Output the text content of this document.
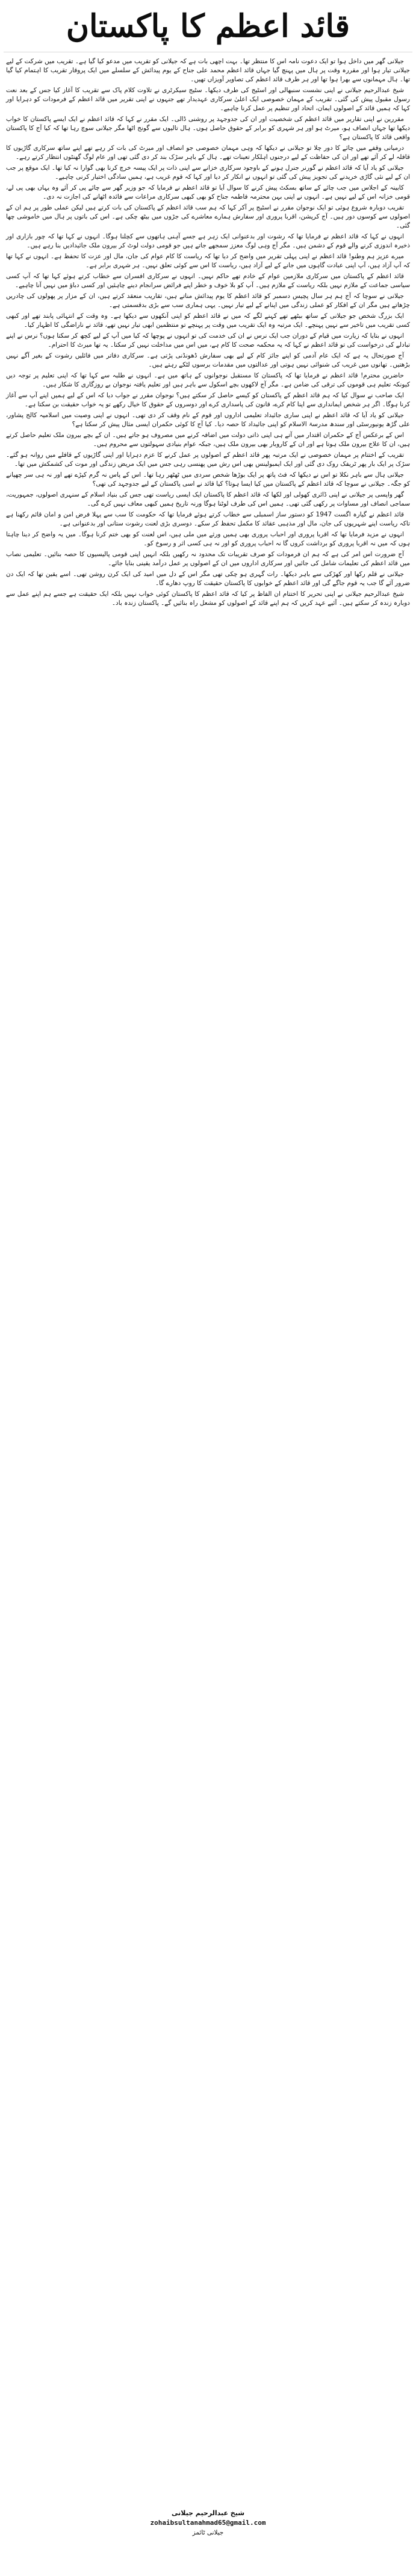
قائد اعظم کا پاکستان

جیلانی گھر میں داخل ہوا تو ایک دعوت نامہ اس کا منتظر تھا۔ بہت اچھی بات ہے کہ جیلانی کو تقریب میں مدعو کیا گیا ہے۔ تقریب میں شرکت کے لیے جیلانی تیار ہوا اور مقررہ وقت پر ہال میں پہنچ گیا جہاں قائد اعظم محمد علی جناح کے یوم پیدائش کے سلسلے میں ایک پروقار تقریب کا اہتمام کیا گیا تھا۔ ہال مہمانوں سے بھرا ہوا تھا اور ہر طرف قائد اعظم کی تصاویر آویزاں تھیں۔

شیخ عبدالرحیم جیلانی نے اپنی نشست سنبھالی اور اسٹیج کی طرف دیکھا۔ سٹیج سیکرٹری نے تلاوت کلام پاک سے تقریب کا آغاز کیا جس کے بعد نعت رسول مقبول پیش کی گئی۔ تقریب کے مہمان خصوصی ایک اعلیٰ سرکاری عہدیدار تھے جنہوں نے اپنی تقریر میں قائد اعظم کے فرمودات کو دہرایا اور کہا کہ ہمیں قائد کے اصولوں ایمان، اتحاد اور تنظیم پر عمل کرنا چاہیے۔

مقررین نے اپنی تقاریر میں قائد اعظم کی شخصیت اور ان کی جدوجہد پر روشنی ڈالی۔ ایک مقرر نے کہا کہ قائد اعظم نے ایک ایسے پاکستان کا خواب دیکھا تھا جہاں انصاف ہو، میرٹ ہو اور ہر شہری کو برابر کے حقوق حاصل ہوں۔ ہال تالیوں سے گونج اٹھا مگر جیلانی سوچ رہا تھا کہ کیا آج کا پاکستان واقعی قائد کا پاکستان ہے؟

درمیانی وقفے میں چائے کا دور چلا تو جیلانی نے دیکھا کہ وہی مہمان خصوصی جو انصاف اور میرٹ کی بات کر رہے تھے اپنے ساتھ سرکاری گاڑیوں کا قافلہ لے کر آئے تھے اور ان کی حفاظت کے لیے درجنوں اہلکار تعینات تھے۔ ہال کے باہر سڑک بند کر دی گئی تھی اور عام لوگ گھنٹوں انتظار کرتے رہے۔

جیلانی کو یاد آیا کہ قائد اعظم نے گورنر جنرل ہونے کے باوجود سرکاری خزانے سے اپنی ذات پر ایک پیسہ خرچ کرنا بھی گوارا نہ کیا تھا۔ ایک موقع پر جب ان کے لیے نئی گاڑی خریدنے کی تجویز پیش کی گئی تو انہوں نے انکار کر دیا اور کہا کہ قوم غریب ہے، ہمیں سادگی اختیار کرنی چاہیے۔

کابینہ کے اجلاس میں جب چائے کے ساتھ بسکٹ پیش کرنے کا سوال آیا تو قائد اعظم نے فرمایا کہ جو وزیر گھر سے چائے پی کر آئے وہ یہاں بھی پی لے، قومی خزانہ اس کے لیے نہیں ہے۔ انہوں نے اپنی بہن محترمہ فاطمہ جناح کو بھی کبھی سرکاری مراعات سے فائدہ اٹھانے کی اجازت نہ دی۔

تقریب دوبارہ شروع ہوئی تو ایک نوجوان مقرر نے اسٹیج پر آکر کہا کہ ہم سب قائد اعظم کے پاکستان کی بات کرتے ہیں لیکن عملی طور پر ہم ان کے اصولوں سے کوسوں دور ہیں۔ آج کرپشن، اقربا پروری اور سفارش ہمارے معاشرے کی جڑوں میں بیٹھ چکی ہے۔ اس کی باتوں پر ہال میں خاموشی چھا گئی۔

انہوں نے کہا کہ قائد اعظم نے فرمایا تھا کہ رشوت اور بدعنوانی ایک زہر ہے جسے آہنی ہاتھوں سے کچلنا ہوگا۔ انہوں نے کہا تھا کہ چور بازاری اور ذخیرہ اندوزی کرنے والے قوم کے دشمن ہیں۔ مگر آج وہی لوگ معزز سمجھے جاتے ہیں جو قومی دولت لوٹ کر بیرون ملک جائیدادیں بنا رہے ہیں۔

میرے عزیز ہم وطنو! قائد اعظم نے اپنی پہلی تقریر میں واضح کر دیا تھا کہ ریاست کا کام عوام کی جان، مال اور عزت کا تحفظ ہے۔ انہوں نے کہا تھا کہ آپ آزاد ہیں، آپ اپنی عبادت گاہوں میں جانے کے لیے آزاد ہیں، ریاست کا اس سے کوئی تعلق نہیں۔ ہر شہری برابر ہے۔

قائد اعظم کے پاکستان میں سرکاری ملازمین عوام کے خادم تھے حاکم نہیں۔ انہوں نے سرکاری افسران سے خطاب کرتے ہوئے کہا تھا کہ آپ کسی سیاسی جماعت کے ملازم نہیں بلکہ ریاست کے ملازم ہیں۔ آپ کو بلا خوف و خطر اپنے فرائض سرانجام دینے چاہئیں اور کسی دباؤ میں نہیں آنا چاہیے۔

جیلانی نے سوچا کہ آج ہم ہر سال پچیس دسمبر کو قائد اعظم کا یوم پیدائش مناتے ہیں، تقاریب منعقد کرتے ہیں، ان کے مزار پر پھولوں کی چادریں چڑھاتے ہیں مگر ان کے افکار کو عملی زندگی میں اپنانے کے لیے تیار نہیں۔ یہی ہماری سب سے بڑی بدقسمتی ہے۔

ایک بزرگ شخص جو جیلانی کے ساتھ بیٹھے تھے کہنے لگے کہ میں نے قائد اعظم کو اپنی آنکھوں سے دیکھا ہے۔ وہ وقت کے انتہائی پابند تھے اور کبھی کسی تقریب میں تاخیر سے نہیں پہنچے۔ ایک مرتبہ وہ ایک تقریب میں وقت پر پہنچے تو منتظمین ابھی تیار نہیں تھے، قائد نے ناراضگی کا اظہار کیا۔

انہوں نے بتایا کہ زیارت میں قیام کے دوران جب ایک نرس نے ان کی خدمت کی تو انہوں نے پوچھا کہ کیا میں آپ کے لیے کچھ کر سکتا ہوں؟ نرس نے اپنے تبادلے کی درخواست کی تو قائد اعظم نے کہا کہ یہ محکمہ صحت کا کام ہے، میں اس میں مداخلت نہیں کر سکتا۔ یہ تھا میرٹ کا احترام۔

آج صورتحال یہ ہے کہ ایک عام آدمی کو اپنے جائز کام کے لیے بھی سفارش ڈھونڈنی پڑتی ہے۔ سرکاری دفاتر میں فائلیں رشوت کے بغیر آگے نہیں بڑھتیں۔ تھانوں میں غریب کی شنوائی نہیں ہوتی اور عدالتوں میں مقدمات برسوں لٹکے رہتے ہیں۔

حاضرین محترم! قائد اعظم نے فرمایا تھا کہ پاکستان کا مستقبل نوجوانوں کے ہاتھ میں ہے۔ انہوں نے طلبہ سے کہا تھا کہ اپنی تعلیم پر توجہ دیں کیونکہ تعلیم ہی قوموں کی ترقی کی ضامن ہے۔ مگر آج لاکھوں بچے اسکول سے باہر ہیں اور تعلیم یافتہ نوجوان بے روزگاری کا شکار ہیں۔

ایک صاحب نے سوال کیا کہ ہم قائد اعظم کے پاکستان کو کیسے حاصل کر سکتے ہیں؟ نوجوان مقرر نے جواب دیا کہ اس کے لیے ہمیں اپنے آپ سے آغاز کرنا ہوگا۔ اگر ہر شخص ایمانداری سے اپنا کام کرے، قانون کی پاسداری کرے اور دوسروں کے حقوق کا خیال رکھے تو یہ خواب حقیقت بن سکتا ہے۔

جیلانی کو یاد آیا کہ قائد اعظم نے اپنی ساری جائیداد تعلیمی اداروں اور قوم کے نام وقف کر دی تھی۔ انہوں نے اپنی وصیت میں اسلامیہ کالج پشاور، علی گڑھ یونیورسٹی اور سندھ مدرسۃ الاسلام کو اپنی جائیداد کا حصہ دیا۔ کیا آج کا کوئی حکمران ایسی مثال پیش کر سکتا ہے؟

اس کے برعکس آج کے حکمران اقتدار میں آتے ہی اپنی ذاتی دولت میں اضافہ کرنے میں مصروف ہو جاتے ہیں۔ ان کے بچے بیرون ملک تعلیم حاصل کرتے ہیں، ان کا علاج بیرون ملک ہوتا ہے اور ان کے کاروبار بھی بیرون ملک ہیں، جبکہ عوام بنیادی سہولتوں سے محروم ہیں۔

تقریب کے اختتام پر مہمان خصوصی نے ایک مرتبہ پھر قائد اعظم کے اصولوں پر عمل کرنے کا عزم دہرایا اور اپنی گاڑیوں کے قافلے میں روانہ ہو گئے۔ سڑک پر ایک بار پھر ٹریفک روک دی گئی اور ایک ایمبولینس بھی اس رش میں پھنسی رہی جس میں ایک مریض زندگی اور موت کی کشمکش میں تھا۔

جیلانی ہال سے باہر نکلا تو اس نے دیکھا کہ فٹ پاتھ پر ایک بوڑھا شخص سردی میں ٹھٹھر رہا تھا۔ اس کے پاس نہ گرم کپڑے تھے اور نہ ہی سر چھپانے کو جگہ۔ جیلانی نے سوچا کہ قائد اعظم کے پاکستان میں کیا ایسا ہوتا؟ کیا قائد نے اسی پاکستان کے لیے جدوجہد کی تھی؟

گھر واپسی پر جیلانی نے اپنی ڈائری کھولی اور لکھا کہ قائد اعظم کا پاکستان ایک ایسی ریاست تھی جس کی بنیاد اسلام کے سنہری اصولوں، جمہوریت، سماجی انصاف اور مساوات پر رکھی گئی تھی۔ ہمیں اس کی طرف لوٹنا ہوگا ورنہ تاریخ ہمیں کبھی معاف نہیں کرے گی۔

قائد اعظم نے گیارہ اگست 1947 کو دستور ساز اسمبلی سے خطاب کرتے ہوئے فرمایا تھا کہ حکومت کا سب سے پہلا فرض امن و امان قائم رکھنا ہے تاکہ ریاست اپنے شہریوں کی جان، مال اور مذہبی عقائد کا مکمل تحفظ کر سکے۔ دوسری بڑی لعنت رشوت ستانی اور بدعنوانی ہے۔

انہوں نے مزید فرمایا تھا کہ اقربا پروری اور احباب پروری بھی ہمیں ورثے میں ملی ہیں، اس لعنت کو بھی ختم کرنا ہوگا۔ میں یہ واضح کر دینا چاہتا ہوں کہ میں نہ اقربا پروری کو برداشت کروں گا نہ احباب پروری کو اور نہ ہی کسی اثر و رسوخ کو۔

آج ضرورت اس امر کی ہے کہ ہم ان فرمودات کو صرف تقریبات تک محدود نہ رکھیں بلکہ انہیں اپنی قومی پالیسیوں کا حصہ بنائیں۔ تعلیمی نصاب میں قائد اعظم کی تعلیمات شامل کی جائیں اور سرکاری اداروں میں ان کے اصولوں پر عمل درآمد یقینی بنایا جائے۔

جیلانی نے قلم رکھا اور کھڑکی سے باہر دیکھا۔ رات گہری ہو چکی تھی مگر اس کے دل میں امید کی ایک کرن روشن تھی۔ اسے یقین تھا کہ ایک دن ضرور آئے گا جب یہ قوم جاگے گی اور قائد اعظم کے خوابوں کا پاکستان حقیقت کا روپ دھارے گا۔

شیخ عبدالرحیم جیلانی نے اپنی تحریر کا اختتام ان الفاظ پر کیا کہ قائد اعظم کا پاکستان کوئی خواب نہیں بلکہ ایک حقیقت ہے جسے ہم اپنے عمل سے دوبارہ زندہ کر سکتے ہیں۔ آئیے عہد کریں کہ ہم اپنے قائد کے اصولوں کو مشعل راہ بنائیں گے۔ پاکستان زندہ باد۔

شیخ عبدالرحیم جیلانی
zohaibsultanahmad65@gmail.com
جیلانی ٹائمز
